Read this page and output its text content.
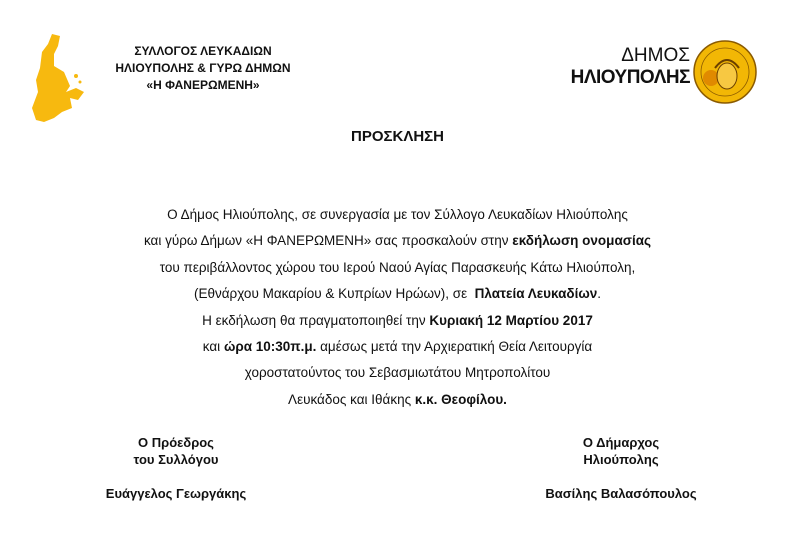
ΣΥΛΛΟΓΟΣ ΛΕΥΚΑΔΙΩΝ
ΗΛΙΟΥΠΟΛΗΣ & ΓΥΡΩ ΔΗΜΩΝ
«Η ΦΑΝΕΡΩΜΕΝΗ»
ΔΗΜΟΣ
ΗΛΙΟΥΠΟΛΗΣ
ΠΡΟΣΚΛΗΣΗ
Ο Δήμος Ηλιούπολης, σε συνεργασία με τον Σύλλογο Λευκαδίων Ηλιούπολης
και γύρω Δήμων «Η ΦΑΝΕΡΩΜΕΝΗ» σας προσκαλούν στην εκδήλωση ονομασίας
του περιβάλλοντος χώρου του Ιερού Ναού Αγίας Παρασκευής Κάτω Ηλιούπολη,
(Εθνάρχου Μακαρίου & Κυπρίων Ηρώων), σε  Πλατεία Λευκαδίων.
Η εκδήλωση θα πραγματοποιηθεί την Κυριακή 12 Μαρτίου 2017
και ώρα 10:30π.μ. αμέσως μετά την Αρχιερατική Θεία Λειτουργία
χοροστατούντος του Σεβασμιωτάτου Μητροπολίτου
Λευκάδος και Ιθάκης κ.κ. Θεοφίλου.
Ο Πρόεδρος
του Συλλόγου
Ευάγγελος Γεωργάκης
Ο Δήμαρχος
Ηλιούπολης
Βασίλης Βαλασόπουλος
